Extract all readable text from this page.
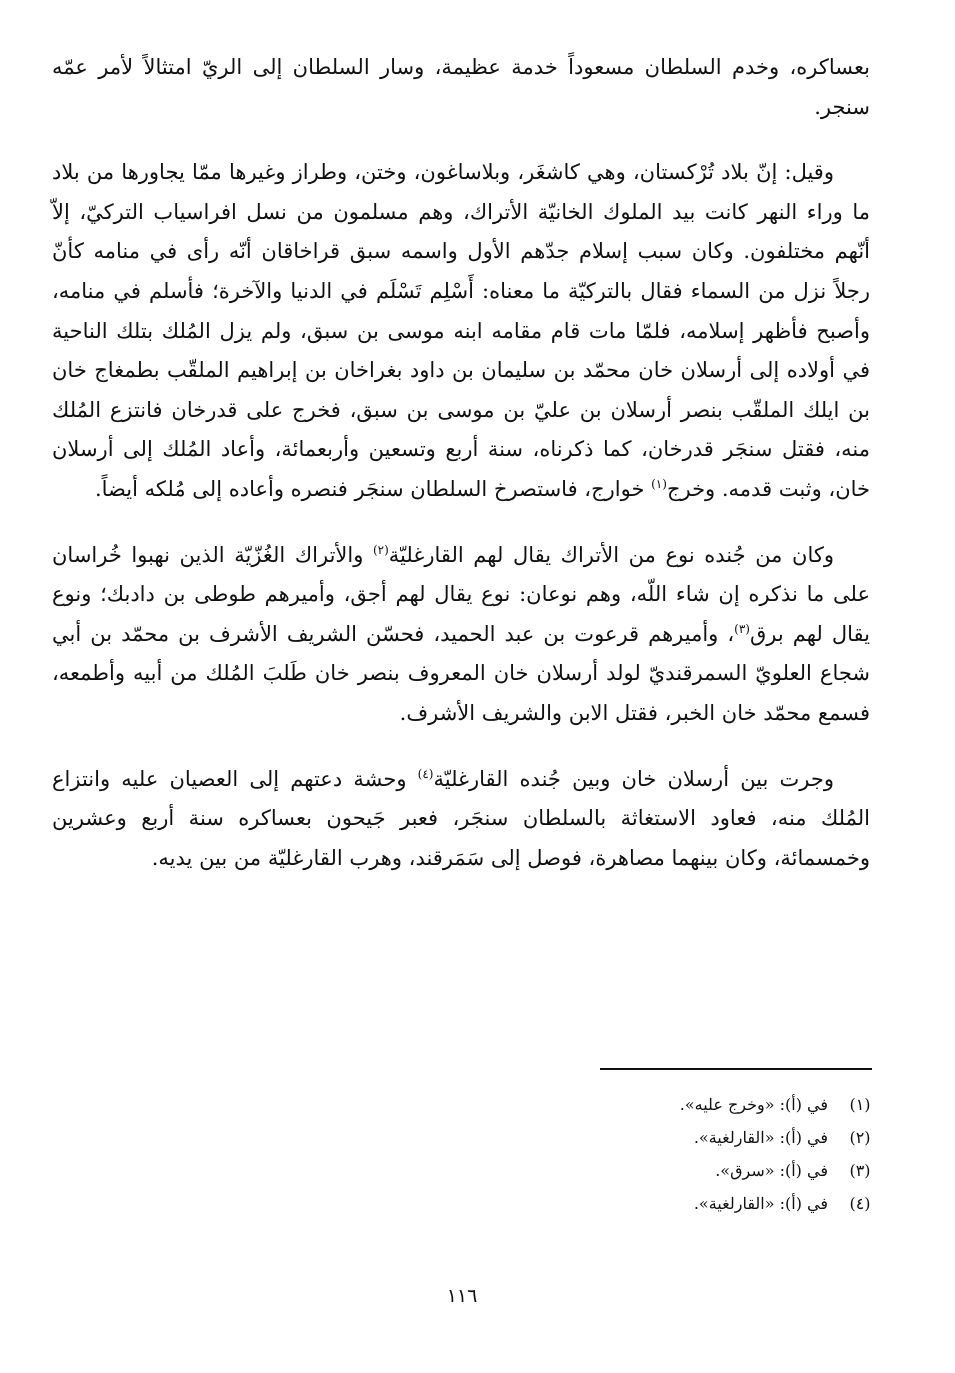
بعساكره، وخدم السلطان مسعوداً خدمة عظيمة، وسار السلطان إلى الريّ امتثالاً لأمر عمّه سنجر.

وقيل: إنّ بلاد تُرْكستان، وهي كاشغَر، وبلاساغون، وختن، وطراز وغيرها ممّا يجاورها من بلاد ما وراء النهر كانت بيد الملوك الخانيّة الأتراك، وهم مسلمون من نسل افراسياب التركيّ، إلاّ أنّهم مختلفون. وكان سبب إسلام جدّهم الأول واسمه سبق قراخاقان أنّه رأى في منامه كأنّ رجلاً نزل من السماء فقال بالتركيّة ما معناه: أَسْلِم تَسْلَم في الدنيا والآخرة؛ فأسلم في منامه، وأصبح فأظهر إسلامه، فلمّا مات قام مقامه ابنه موسى بن سبق، ولم يزل المُلك بتلك الناحية في أولاده إلى أرسلان خان محمّد بن سليمان بن داود بغراخان بن إبراهيم الملقّب بطمغاج خان بن ايلك الملقّب بنصر أرسلان بن عليّ بن موسى بن سبق، فخرج على قدرخان فانتزع المُلك منه، فقتل سنجَر قدرخان، كما ذكرناه، سنة أربع وتسعين وأربعمائة، وأعاد المُلك إلى أرسلان خان، وثبت قدمه. وخرج$^{(١)}$ خوارج، فاستصرخ السلطان سنجَر فنصره وأعاده إلى مُلكه أيضاً.

وكان من جُنده نوع من الأتراك يقال لهم القارغليّة$^{(٢)}$ والأتراك الغُزّيّة الذين نهبوا خُراسان على ما نذكره إن شاء اللّه، وهم نوعان: نوع يقال لهم أجق، وأميرهم طوطى بن دادبك؛ ونوع يقال لهم برق$^{(٣)}$، وأميرهم قرعوت بن عبد الحميد، فحسّن الشريف الأشرف بن محمّد بن أبي شجاع العلويّ السمرقنديّ لولد أرسلان خان المعروف بنصر خان طَلبَ المُلك من أبيه وأطمعه، فسمع محمّد خان الخبر، فقتل الابن والشريف الأشرف.

وجرت بين أرسلان خان وبين جُنده القارغليّة$^{(٤)}$ وحشة دعتهم إلى العصيان عليه وانتزاع المُلك منه، فعاود الاستغاثة بالسلطان سنجَر، فعبر جَيحون بعساكره سنة أربع وعشرين وخمسمائة، وكان بينهما مصاهرة، فوصل إلى سَمَرقند، وهرب القارغليّة من بين يديه.

(١)
في (أ): «وخرج عليه».
(٢)
في (أ): «القارلغية».
(٣)
في (أ): «سرق».
(٤)
في (أ): «القارلغية».
١١٦
